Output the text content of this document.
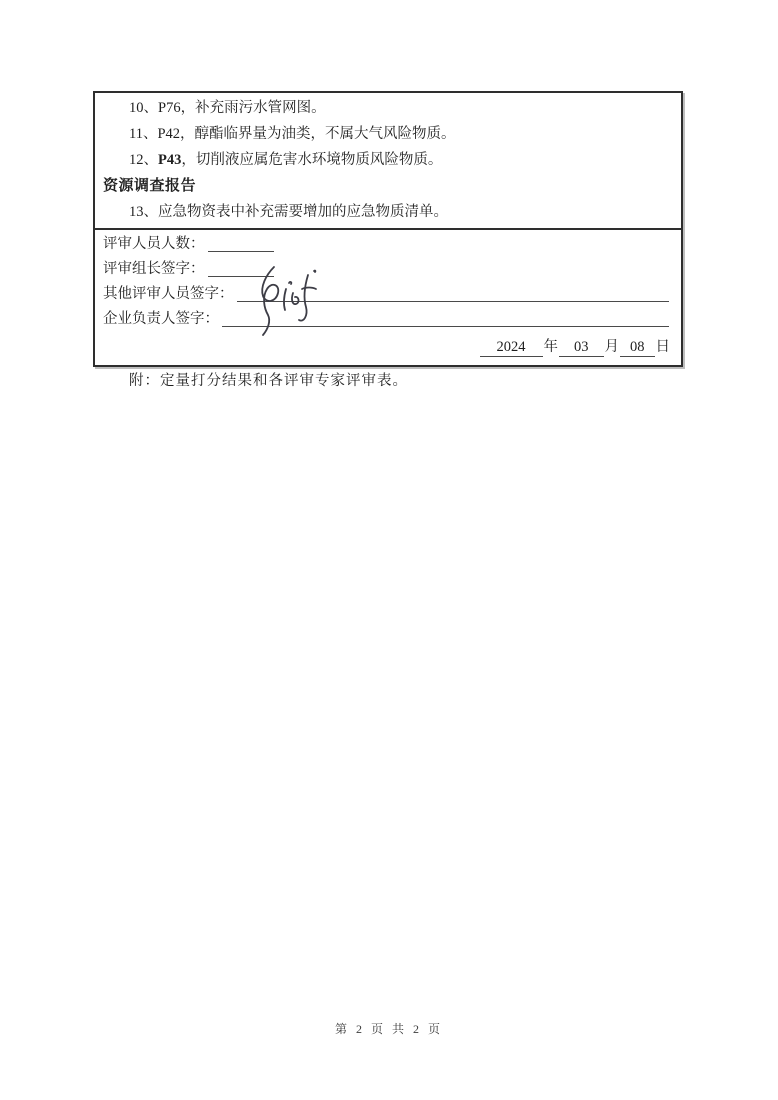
10、P76，补充雨污水管网图。

11、P42，醇酯临界量为油类，不属大气风险物质。

12、P43，切削液应属危害水环境物质风险物质。

资源调查报告

13、应急物资表中补充需要增加的应急物质清单。

评审人员人数：
评审组长签字：
其他评审人员签字：
企业负责人签字：
2024	年	03	月 08 日

附：定量打分结果和各评审专家评审表。

第 2 页 共 2 页
